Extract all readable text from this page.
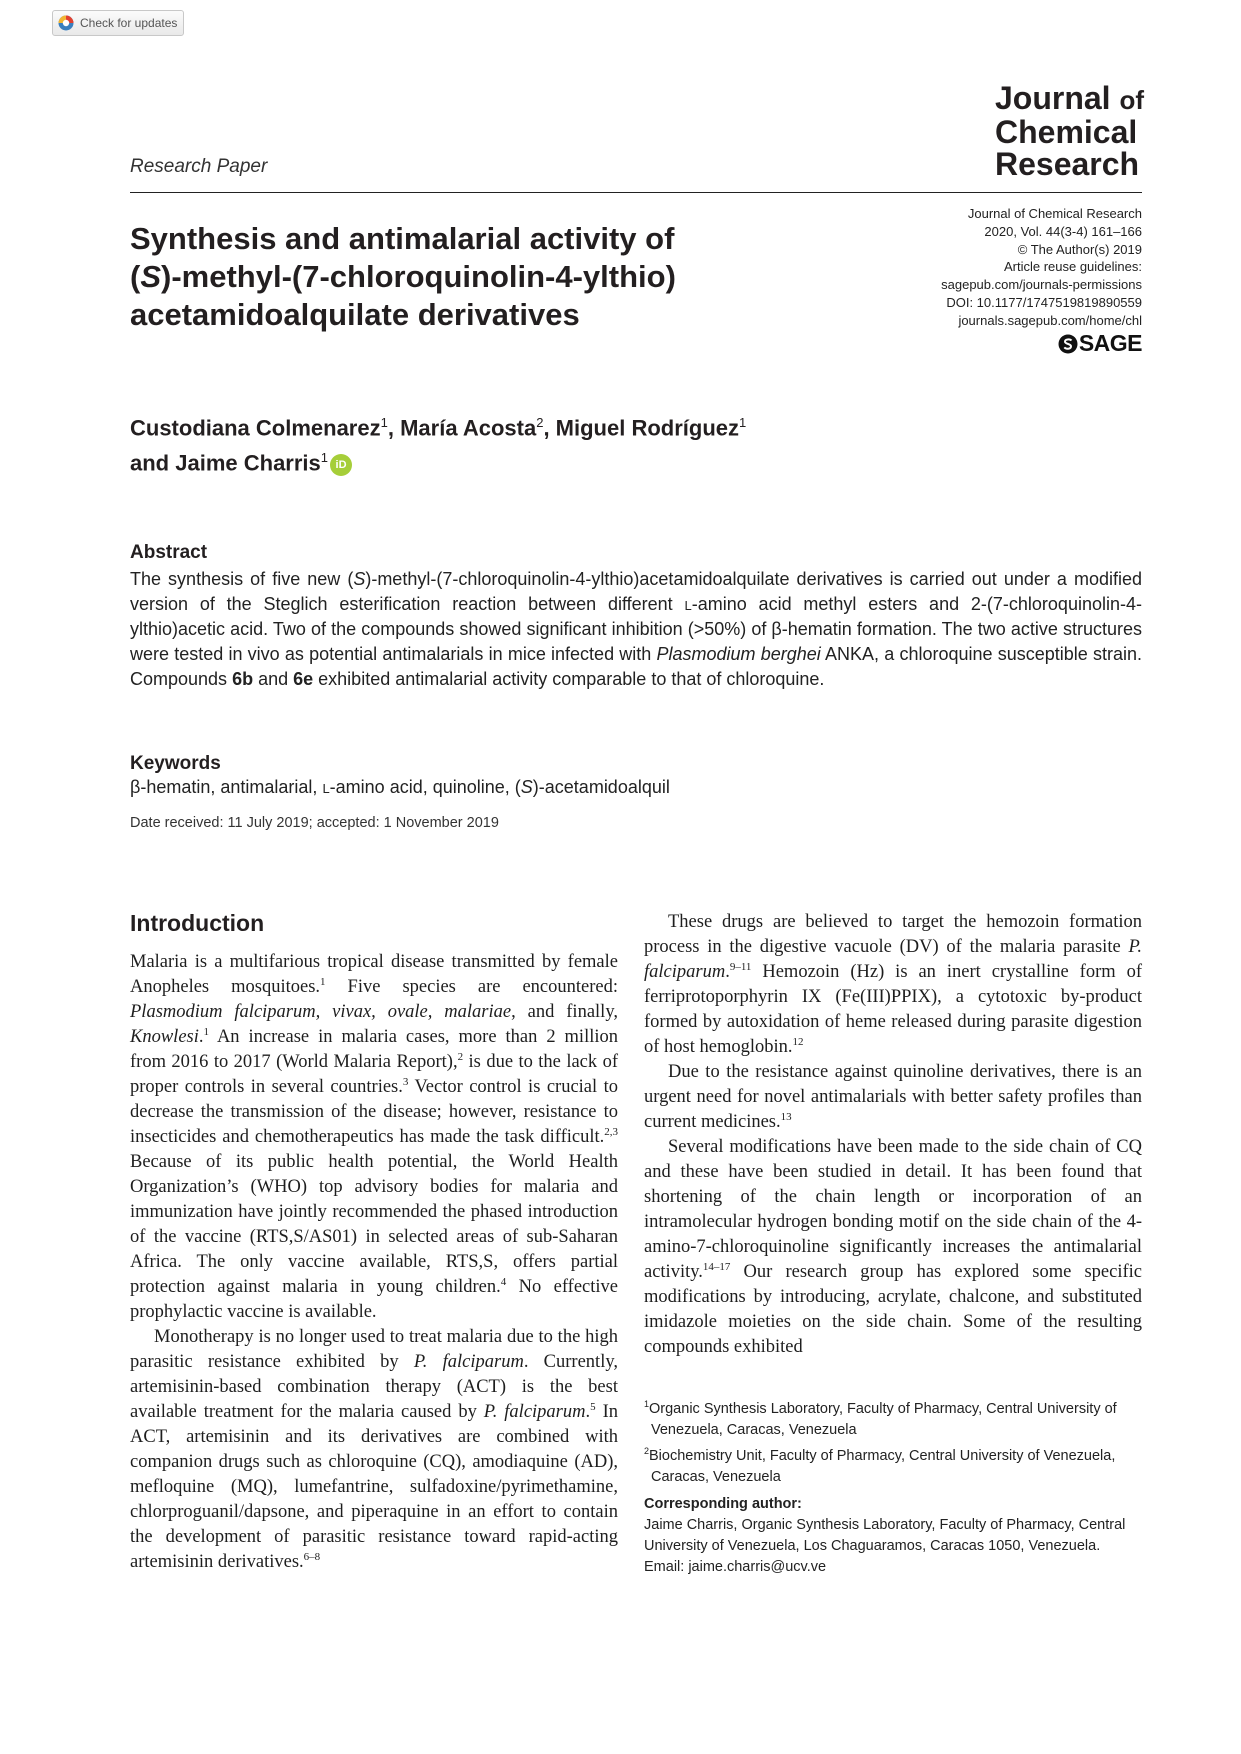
Check for updates
Journal of
Chemical
Research
Research Paper
Synthesis and antimalarial activity of
(S)-methyl-(7-chloroquinolin-4-ylthio)
acetamidoalquilate derivatives
Journal of Chemical Research
2020, Vol. 44(3-4) 161–166
© The Author(s) 2019
Article reuse guidelines:
sagepub.com/journals-permissions
DOI: 10.1177/1747519819890559
journals.sagepub.com/home/chl
SAGE
Custodiana Colmenarez$^1$, María Acosta$^2$, Miguel Rodríguez$^1$
and Jaime Charris$^1$ iD
Abstract

The synthesis of five new (S)-methyl-(7-chloroquinolin-4-ylthio)acetamidoalquilate derivatives is carried out under a modified version of the Steglich esterification reaction between different l-amino acid methyl esters and 2-(7-chloroquinolin-4-ylthio)acetic acid. Two of the compounds showed significant inhibition (>50%) of β-hematin formation. The two active structures were tested in vivo as potential antimalarials in mice infected with Plasmodium berghei ANKA, a chloroquine susceptible strain. Compounds 6b and 6e exhibited antimalarial activity comparable to that of chloroquine.

Keywords
β-hematin, antimalarial, l-amino acid, quinoline, (S)-acetamidoalquil
Date received: 11 July 2019; accepted: 1 November 2019
Introduction

Malaria is a multifarious tropical disease transmitted by female Anopheles mosquitoes.$^1$ Five species are encountered: Plasmodium falciparum, vivax, ovale, malariae, and finally, Knowlesi.$^1$ An increase in malaria cases, more than 2 million from 2016 to 2017 (World Malaria Report),$^2$ is due to the lack of proper controls in several countries.$^3$ Vector control is crucial to decrease the transmission of the disease; however, resistance to insecticides and chemotherapeutics has made the task difficult.$^{2,3}$ Because of its public health potential, the World Health Organization’s (WHO) top advisory bodies for malaria and immunization have jointly recommended the phased introduction of the vaccine (RTS,S/AS01) in selected areas of sub-Saharan Africa. The only vaccine available, RTS,S, offers partial protection against malaria in young children.$^4$ No effective prophylactic vaccine is available.

Monotherapy is no longer used to treat malaria due to the high parasitic resistance exhibited by P. falciparum. Currently, artemisinin-based combination therapy (ACT) is the best available treatment for the malaria caused by P. falciparum.$^5$ In ACT, artemisinin and its derivatives are combined with companion drugs such as chloroquine (CQ), amodiaquine (AD), mefloquine (MQ), lumefantrine, sulfadoxine/pyrimethamine, chlorproguanil/dapsone, and piperaquine in an effort to contain the development of parasitic resistance toward rapid-acting artemisinin derivatives.$^{6-8}$

These drugs are believed to target the hemozoin formation process in the digestive vacuole (DV) of the malaria parasite P. falciparum.$^{9-11}$ Hemozoin (Hz) is an inert crystalline form of ferriprotoporphyrin IX (Fe(III)PPIX), a cytotoxic by-product formed by autoxidation of heme released during parasite digestion of host hemoglobin.$^{12}$

Due to the resistance against quinoline derivatives, there is an urgent need for novel antimalarials with better safety profiles than current medicines.$^{13}$

Several modifications have been made to the side chain of CQ and these have been studied in detail. It has been found that shortening of the chain length or incorporation of an intramolecular hydrogen bonding motif on the side chain of the 4-amino-7-chloroquinoline significantly increases the antimalarial activity.$^{14-17}$ Our research group has explored some specific modifications by introducing, acrylate, chalcone, and substituted imidazole moieties on the side chain. Some of the resulting compounds exhibited

$^1$Organic Synthesis Laboratory, Faculty of Pharmacy, Central University of Venezuela, Caracas, Venezuela
$^2$Biochemistry Unit, Faculty of Pharmacy, Central University of Venezuela, Caracas, Venezuela
Corresponding author:
Jaime Charris, Organic Synthesis Laboratory, Faculty of Pharmacy, Central University of Venezuela, Los Chaguaramos, Caracas 1050, Venezuela.
Email: jaime.charris@ucv.ve
